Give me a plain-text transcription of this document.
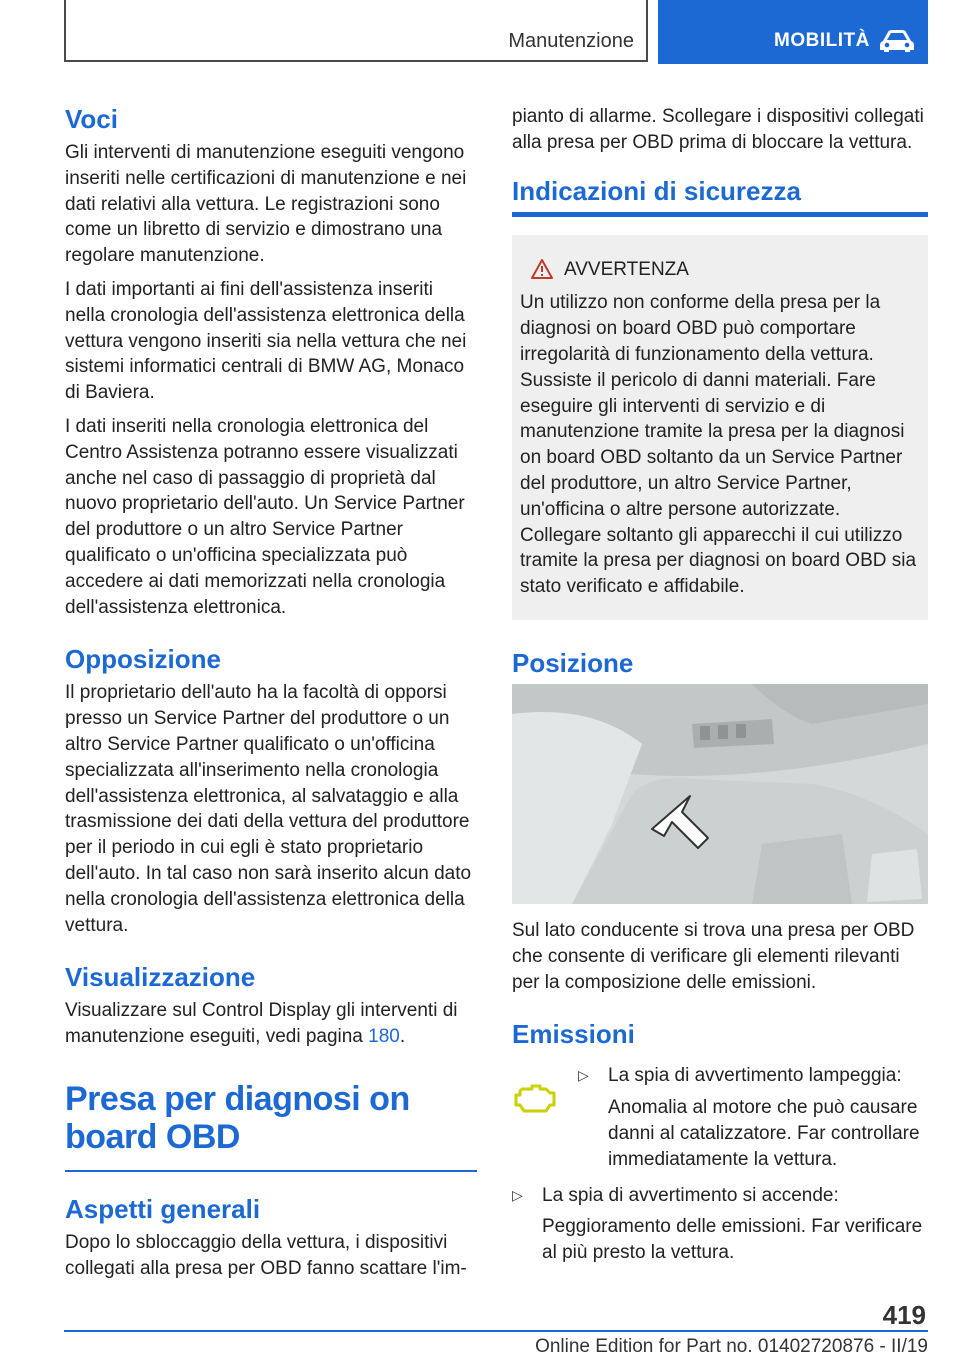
Manutenzione	MOBILITÀ
Voci

Gli interventi di manutenzione eseguiti vengono inseriti nelle certificazioni di manutenzione e nei dati relativi alla vettura. Le registrazioni sono come un libretto di servizio e dimostrano una regolare manutenzione.

I dati importanti ai fini dell'assistenza inseriti nella cronologia dell'assistenza elettronica della vettura vengono inseriti sia nella vettura che nei sistemi informatici centrali di BMW AG, Monaco di Baviera.

I dati inseriti nella cronologia elettronica del Centro Assistenza potranno essere visualizzati anche nel caso di passaggio di proprietà dal nuovo proprietario dell'auto. Un Service Partner del produttore o un altro Service Partner qualificato o un'officina specializzata può accedere ai dati memorizzati nella cronologia dell'assistenza elettronica.

Opposizione

Il proprietario dell'auto ha la facoltà di opporsi presso un Service Partner del produttore o un altro Service Partner qualificato o un'officina specializzata all'inserimento nella cronologia dell'assistenza elettronica, al salvataggio e alla trasmissione dei dati della vettura del produttore per il periodo in cui egli è stato proprietario dell'auto. In tal caso non sarà inserito alcun dato nella cronologia dell'assistenza elettronica della vettura.

Visualizzazione

Visualizzare sul Control Display gli interventi di manutenzione eseguiti, vedi pagina 180.

Presa per diagnosi on board OBD
Aspetti generali

Dopo lo sbloccaggio della vettura, i dispositivi collegati alla presa per OBD fanno scattare l'im-

pianto di allarme. Scollegare i dispositivi collegati alla presa per OBD prima di bloccare la vettura.

Indicazioni di sicurezza
AVVERTENZA

Un utilizzo non conforme della presa per la diagnosi on board OBD può comportare irregolarità di funzionamento della vettura. Sussiste il pericolo di danni materiali. Fare eseguire gli interventi di servizio e di manutenzione tramite la presa per la diagnosi on board OBD soltanto da un Service Partner del produttore, un altro Service Partner, un'officina o altre persone autorizzate. Collegare soltanto gli apparecchi il cui utilizzo tramite la presa per diagnosi on board OBD sia stato verificato e affidabile.

Posizione

Sul lato conducente si trova una presa per OBD che consente di verificare gli elementi rilevanti per la composizione delle emissioni.

Emissioni
▷	La spia di avvertimento lampeggia:
Anomalia al motore che può causare danni al catalizzatore. Far controllare immediatamente la vettura.
▷	La spia di avvertimento si accende:
Peggioramento delle emissioni. Far verificare al più presto la vettura.
419
Online Edition for Part no. 01402720876 - II/19
